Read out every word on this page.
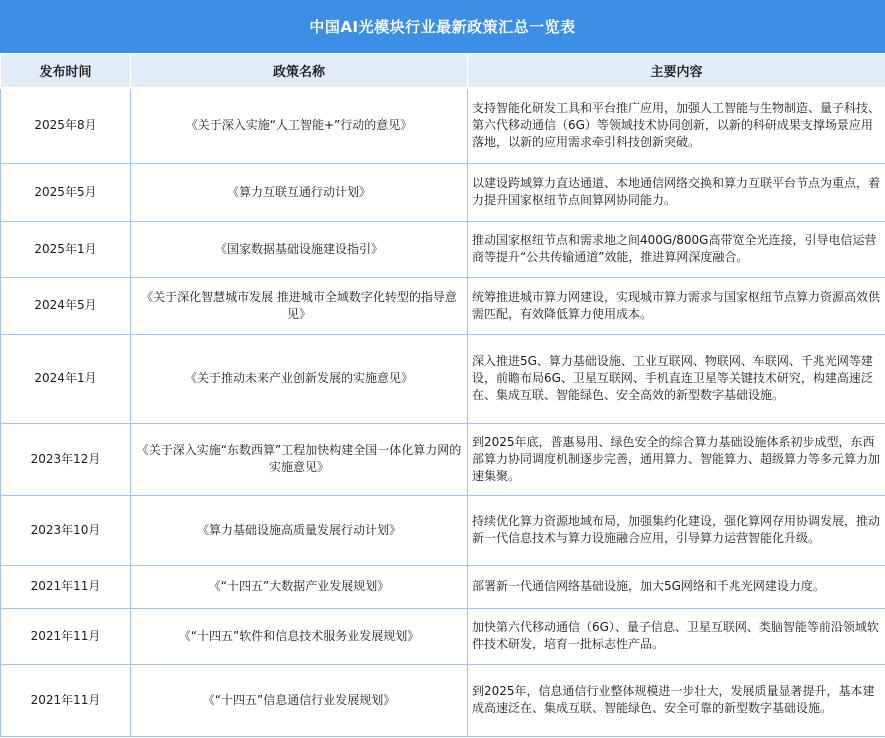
中国AI光模块行业最新政策汇总一览表
发布时间	政策名称	主要内容
2025年8月	《关于深入实施“人工智能+”行动的意见》	支持智能化研发工具和平台推广应用，加强人工智能与生物制造、量子科技、第六代移动通信（6G）等领域技术协同创新，以新的科研成果支撑场景应用落地，以新的应用需求牵引科技创新突破。
2025年5月	《算力互联互通行动计划》	以建设跨域算力直达通道、本地通信网络交换和算力互联平台节点为重点，着力提升国家枢纽节点间算网协同能力。
2025年1月	《国家数据基础设施建设指引》	推动国家枢纽节点和需求地之间400G/800G高带宽全光连接，引导电信运营商等提升“公共传输通道”效能，推进算网深度融合。
2024年5月	《关于深化智慧城市发展 推进城市全域数字化转型的指导意见》	统筹推进城市算力网建设，实现城市算力需求与国家枢纽节点算力资源高效供需匹配，有效降低算力使用成本。
2024年1月	《关于推动未来产业创新发展的实施意见》	深入推进5G、算力基础设施、工业互联网、物联网、车联网、千兆光网等建设，前瞻布局6G、卫星互联网、手机直连卫星等关键技术研究，构建高速泛在、集成互联、智能绿色、安全高效的新型数字基础设施。
2023年12月	《关于深入实施“东数西算”工程加快构建全国一体化算力网的实施意见》	到2025年底，普惠易用、绿色安全的综合算力基础设施体系初步成型，东西部算力协同调度机制逐步完善，通用算力、智能算力、超级算力等多元算力加速集聚。
2023年10月	《算力基础设施高质量发展行动计划》	持续优化算力资源地域布局，加强集约化建设，强化算网存用协调发展，推动新一代信息技术与算力设施融合应用，引导算力运营智能化升级。
2021年11月	《“十四五”大数据产业发展规划》	部署新一代通信网络基础设施，加大5G网络和千兆光网建设力度。
2021年11月	《“十四五”软件和信息技术服务业发展规划》	加快第六代移动通信（6G）、量子信息、卫星互联网、类脑智能等前沿领域软件技术研发，培育一批标志性产品。
2021年11月	《“十四五”信息通信行业发展规划》	到2025年，信息通信行业整体规模进一步壮大，发展质量显著提升，基本建成高速泛在、集成互联、智能绿色、安全可靠的新型数字基础设施。
